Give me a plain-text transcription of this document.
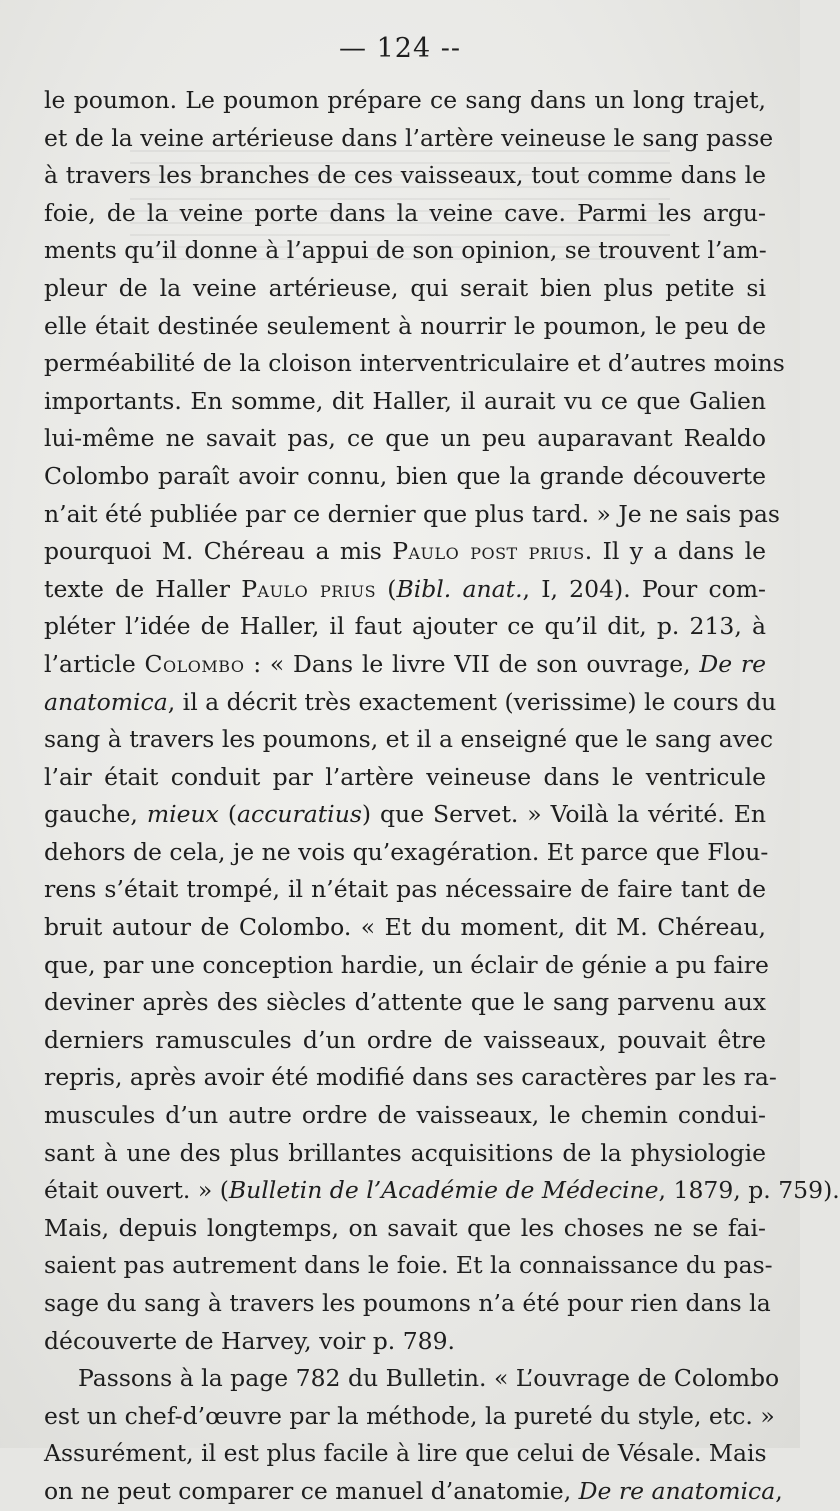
— 124 --
le poumon. Le poumon prépare ce sang dans un long trajet,
et de la veine artérieuse dans l’artère veineuse le sang passe
à travers les branches de ces vaisseaux, tout comme dans le
foie, de la veine porte dans la veine cave. Parmi les argu-
ments qu’il donne à l’appui de son opinion, se trouvent l’am-
pleur de la veine artérieuse, qui serait bien plus petite si
elle était destinée seulement à nourrir le poumon, le peu de
perméabilité de la cloison interventriculaire et d’autres moins
importants. En somme, dit Haller, il aurait vu ce que Galien
lui-même ne savait pas, ce que un peu auparavant Realdo
Colombo paraît avoir connu, bien que la grande découverte
n’ait été publiée par ce dernier que plus tard. » Je ne sais pas
pourquoi M. Chéreau a mis Paulo post prius. Il y a dans le
texte de Haller Paulo prius (Bibl. anat., I, 204). Pour com-
pléter l’idée de Haller, il faut ajouter ce qu’il dit, p. 213, à
l’article Colombo : « Dans le livre VII de son ouvrage, De re
anatomica, il a décrit très exactement (verissime) le cours du
sang à travers les poumons, et il a enseigné que le sang avec
l’air était conduit par l’artère veineuse dans le ventricule
gauche, mieux (accuratius) que Servet. » Voilà la vérité. En
dehors de cela, je ne vois qu’exagération. Et parce que Flou-
rens s’était trompé, il n’était pas nécessaire de faire tant de
bruit autour de Colombo. « Et du moment, dit M. Chéreau,
que, par une conception hardie, un éclair de génie a pu faire
deviner après des siècles d’attente que le sang parvenu aux
derniers ramuscules d’un ordre de vaisseaux, pouvait être
repris, après avoir été modifié dans ses caractères par les ra-
muscules d’un autre ordre de vaisseaux, le chemin condui-
sant à une des plus brillantes acquisitions de la physiologie
était ouvert. » (Bulletin de l’Académie de Médecine, 1879, p. 759).
Mais, depuis longtemps, on savait que les choses ne se fai-
saient pas autrement dans le foie. Et la connaissance du pas-
sage du sang à travers les poumons n’a été pour rien dans la
découverte de Harvey, voir p. 789.
Passons à la page 782 du Bulletin. « L’ouvrage de Colombo
est un chef-d’œuvre par la méthode, la pureté du style, etc. »
Assurément, il est plus facile à lire que celui de Vésale. Mais
on ne peut comparer ce manuel d’anatomie, De re anatomica,
